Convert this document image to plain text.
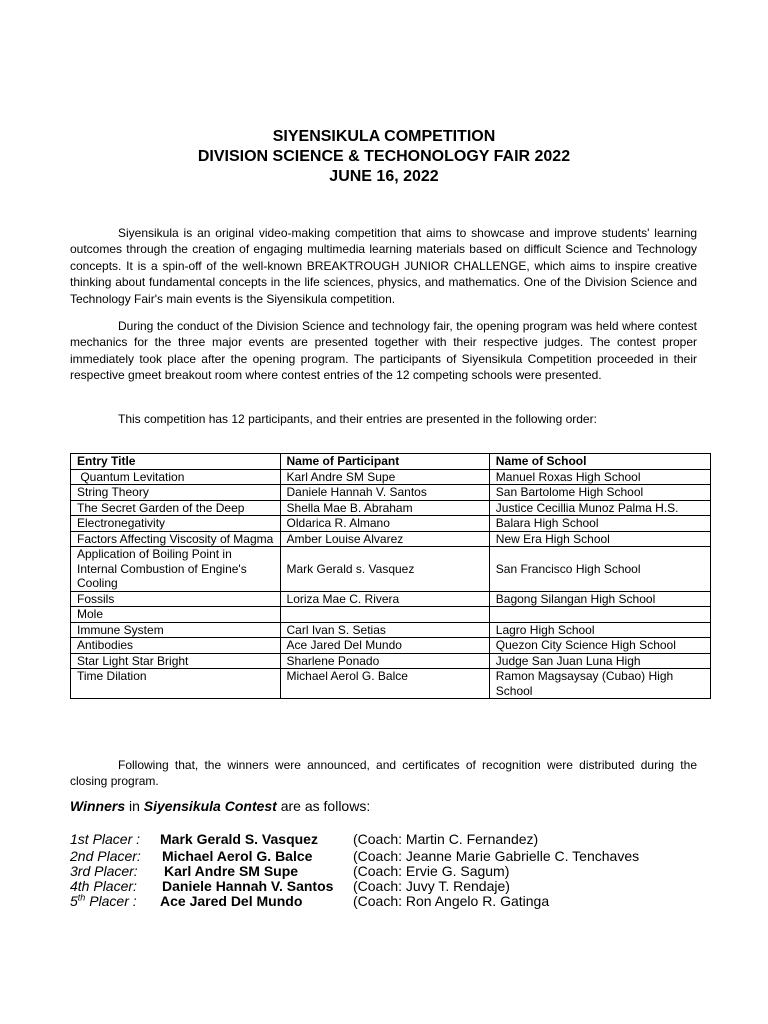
SIYENSIKULA COMPETITION
DIVISION SCIENCE & TECHONOLOGY FAIR 2022
JUNE 16, 2022

Siyensikula is an original video-making competition that aims to showcase and improve students' learning outcomes through the creation of engaging multimedia learning materials based on difficult Science and Technology concepts. It is a spin-off of the well-known BREAKTROUGH JUNIOR CHALLENGE, which aims to inspire creative thinking about fundamental concepts in the life sciences, physics, and mathematics. One of the Division Science and Technology Fair's main events is the Siyensikula competition.

During the conduct of the Division Science and technology fair, the opening program was held where contest mechanics for the three major events are presented together with their respective judges. The contest proper immediately took place after the opening program. The participants of Siyensikula Competition proceeded in their respective gmeet breakout room where contest entries of the 12 competing schools were presented.

This competition has 12 participants, and their entries are presented in the following order:

Entry Title	Name of Participant	Name of School
Quantum Levitation	Karl Andre SM Supe	Manuel Roxas High School
String Theory	Daniele Hannah V. Santos	San Bartolome High School
The Secret Garden of the Deep	Shella Mae B. Abraham	Justice Cecillia Munoz Palma H.S.
Electronegativity	Oldarica R. Almano	Balara High School
Factors Affecting Viscosity of Magma	Amber Louise Alvarez	New Era High School
Application of Boiling Point in Internal Combustion of Engine's Cooling	Mark Gerald s. Vasquez	San Francisco High School
Fossils	Loriza Mae C. Rivera	Bagong Silangan High School
Mole		
Immune System	Carl Ivan S. Setias	Lagro High School
Antibodies	Ace Jared Del Mundo	Quezon City Science High School
Star Light Star Bright	Sharlene Ponado	Judge San Juan Luna High
Time Dilation	Michael Aerol G. Balce	Ramon Magsaysay (Cubao) High School

Following that, the winners were announced, and certificates of recognition were distributed during the closing program.

Winners in Siyensikula Contest are as follows:
1st Placer : Mark Gerald S. Vasquez	(Coach: Martin C. Fernandez)
2nd Placer: Michael Aerol G. Balce	(Coach: Jeanne Marie Gabrielle C. Tenchaves
3rd Placer: Karl Andre SM Supe	(Coach: Ervie G. Sagum)
4th Placer: Daniele Hannah V. Santos (Coach: Juvy T. Rendaje)
5th Placer : Ace Jared Del Mundo	(Coach: Ron Angelo R. Gatinga
